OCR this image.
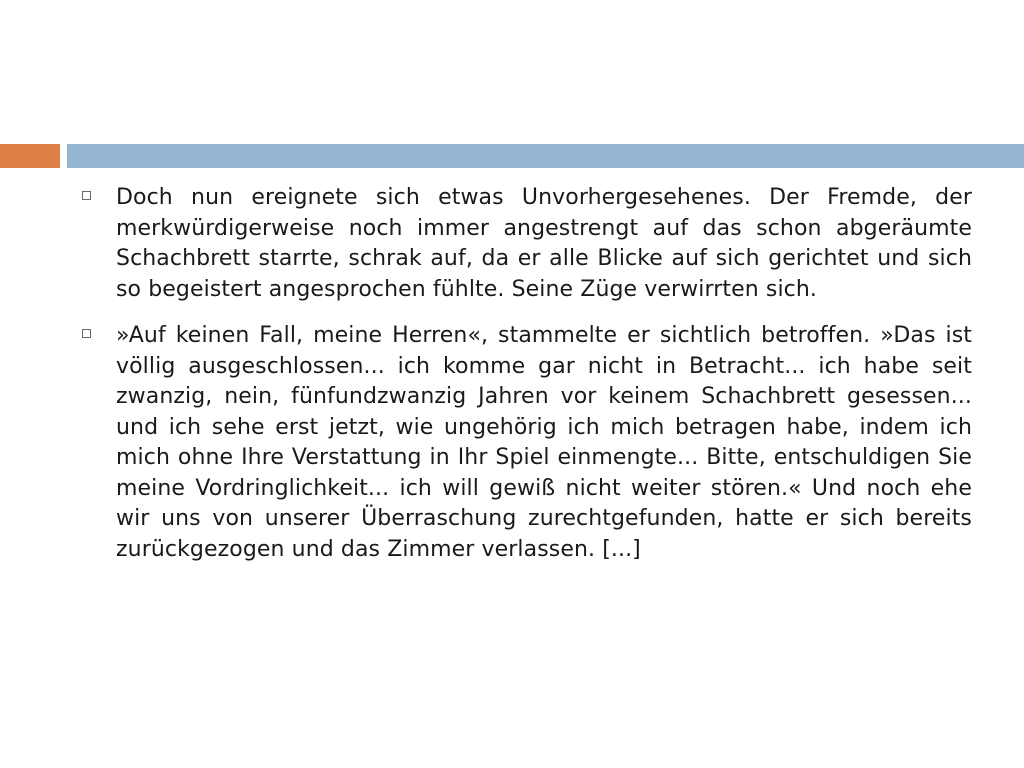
Doch nun ereignete sich etwas Unvorhergesehenes. Der Fremde, der merkwürdigerweise noch immer angestrengt auf das schon abgeräumte Schachbrett starrte, schrak auf, da er alle Blicke auf sich gerichtet und sich so begeistert angesprochen fühlte. Seine Züge verwirrten sich.
»Auf keinen Fall, meine Herren«, stammelte er sichtlich betroffen. »Das ist völlig ausgeschlossen... ich komme gar nicht in Betracht... ich habe seit zwanzig, nein, fünfundzwanzig Jahren vor keinem Schachbrett gesessen... und ich sehe erst jetzt, wie ungehörig ich mich betragen habe, indem ich mich ohne Ihre Verstattung in Ihr Spiel einmengte... Bitte, entschuldigen Sie meine Vordringlichkeit... ich will gewiß nicht weiter stören.« Und noch ehe wir uns von unserer Überraschung zurechtgefunden, hatte er sich bereits zurückgezogen und das Zimmer verlassen. [...]
